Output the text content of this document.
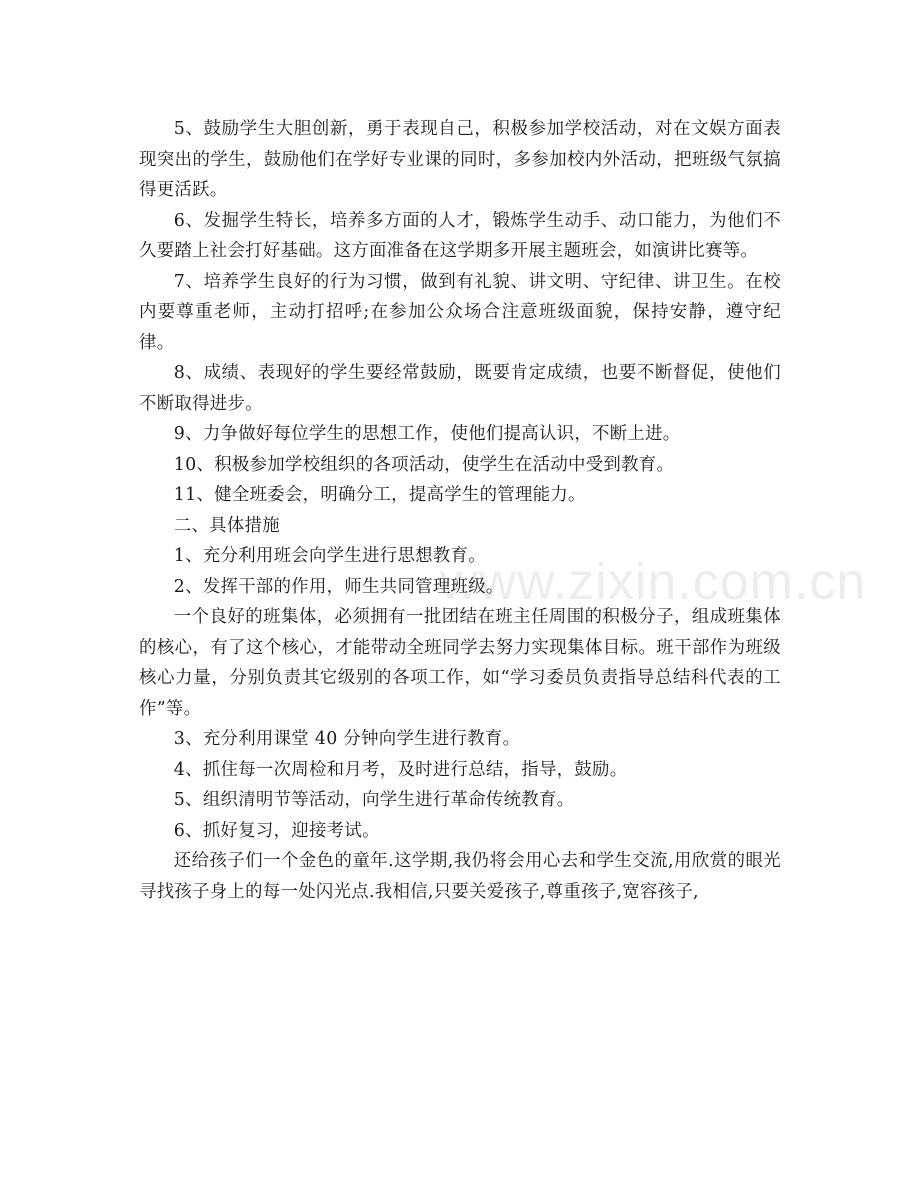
www.zixin.com.cn

5、鼓励学生大胆创新，勇于表现自己，积极参加学校活动，对在文娱方面表现突出的学生，鼓励他们在学好专业课的同时，多参加校内外活动，把班级气氛搞得更活跃。

6、发掘学生特长，培养多方面的人才，锻炼学生动手、动口能力，为他们不久要踏上社会打好基础。这方面准备在这学期多开展主题班会，如演讲比赛等。

7、培养学生良好的行为习惯，做到有礼貌、讲文明、守纪律、讲卫生。在校内要尊重老师，主动打招呼;在参加公众场合注意班级面貌，保持安静，遵守纪律。

8、成绩、表现好的学生要经常鼓励，既要肯定成绩，也要不断督促，使他们不断取得进步。

9、力争做好每位学生的思想工作，使他们提高认识，不断上进。

10、积极参加学校组织的各项活动，使学生在活动中受到教育。

11、健全班委会，明确分工，提高学生的管理能力。

二、具体措施

1、充分利用班会向学生进行思想教育。

2、发挥干部的作用，师生共同管理班级。

一个良好的班集体，必须拥有一批团结在班主任周围的积极分子，组成班集体的核心，有了这个核心，才能带动全班同学去努力实现集体目标。班干部作为班级核心力量，分别负责其它级别的各项工作，如“学习委员负责指导总结科代表的工作”等。

3、充分利用课堂 40 分钟向学生进行教育。

4、抓住每一次周检和月考，及时进行总结，指导，鼓励。

5、组织清明节等活动，向学生进行革命传统教育。

6、抓好复习，迎接考试。

还给孩子们一个金色的童年.这学期,我仍将会用心去和学生交流,用欣赏的眼光寻找孩子身上的每一处闪光点.我相信,只要关爱孩子,尊重孩子,宽容孩子,
